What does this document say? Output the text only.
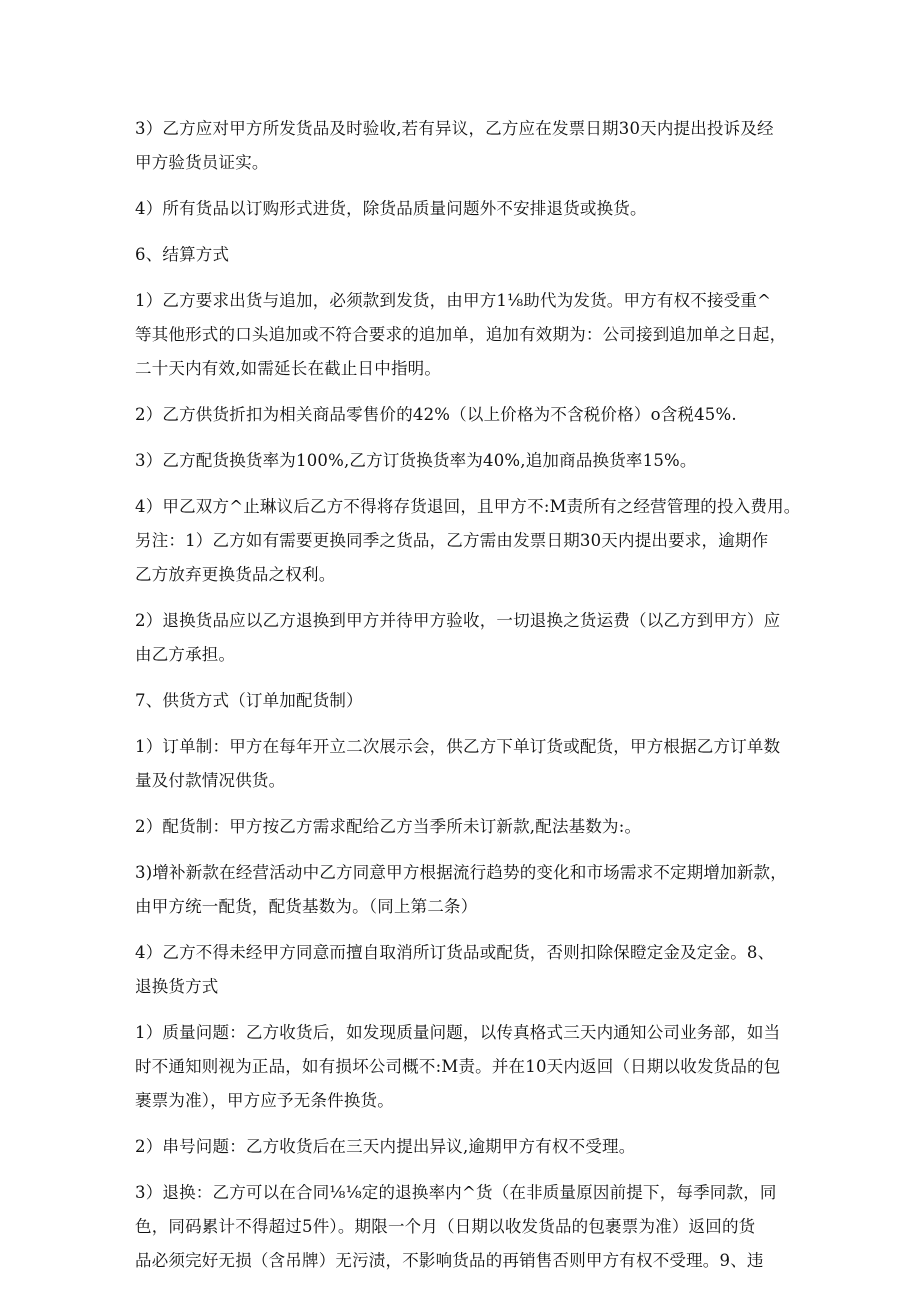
3）乙方应对甲方所发货品及时验收,若有异议，乙方应在发票日期30天内提出投诉及经
甲方验货员证实。

4）所有货品以订购形式进货，除货品质量问题外不安排退货或换货。

6、结算方式

1）乙方要求出货与追加，必须款到发货，由甲方1⅛助代为发货。甲方有权不接受重^
等其他形式的口头追加或不符合要求的追加单，追加有效期为：公司接到追加单之日起，
二十天内有效,如需延长在截止日中指明。

2）乙方供货折扣为相关商品零售价的42%（以上价格为不含税价格）o含税45%.

3）乙方配货换货率为100%,乙方订货换货率为40%,追加商品换货率15%。

4）甲乙双方^止琳议后乙方不得将存货退回，且甲方不:M责所有之经营管理的投入费用。
另注：1）乙方如有需要更换同季之货品，乙方需由发票日期30天内提出要求，逾期作
乙方放弃更换货品之权利。

2）退换货品应以乙方退换到甲方并待甲方验收，一切退换之货运费（以乙方到甲方）应
由乙方承担。

7、供货方式（订单加配货制）

1）订单制：甲方在每年开立二次展示会，供乙方下单订货或配货，甲方根据乙方订单数
量及付款情况供货。

2）配货制：甲方按乙方需求配给乙方当季所未订新款,配法基数为:。

3)增补新款在经营活动中乙方同意甲方根据流行趋势的变化和市场需求不定期增加新款，
由甲方统一配货，配货基数为。（同上第二条）

4）乙方不得未经甲方同意而擅自取消所订货品或配货，否则扣除保瞪定金及定金。8、
退换货方式

1）质量问题：乙方收货后，如发现质量问题，以传真格式三天内通知公司业务部，如当
时不通知则视为正品，如有损坏公司概不:M责。并在10天内返回（日期以收发货品的包
裹票为准），甲方应予无条件换货。

2）串号问题：乙方收货后在三天内提出异议,逾期甲方有权不受理。

3）退换：乙方可以在合同⅛⅛定的退换率内^货（在非质量原因前提下，每季同款，同
色，同码累计不得超过5件）。期限一个月（日期以收发货品的包裹票为准）返回的货
品必须完好无损（含吊牌）无污渍，不影响货品的再销售否则甲方有权不受理。9、违
